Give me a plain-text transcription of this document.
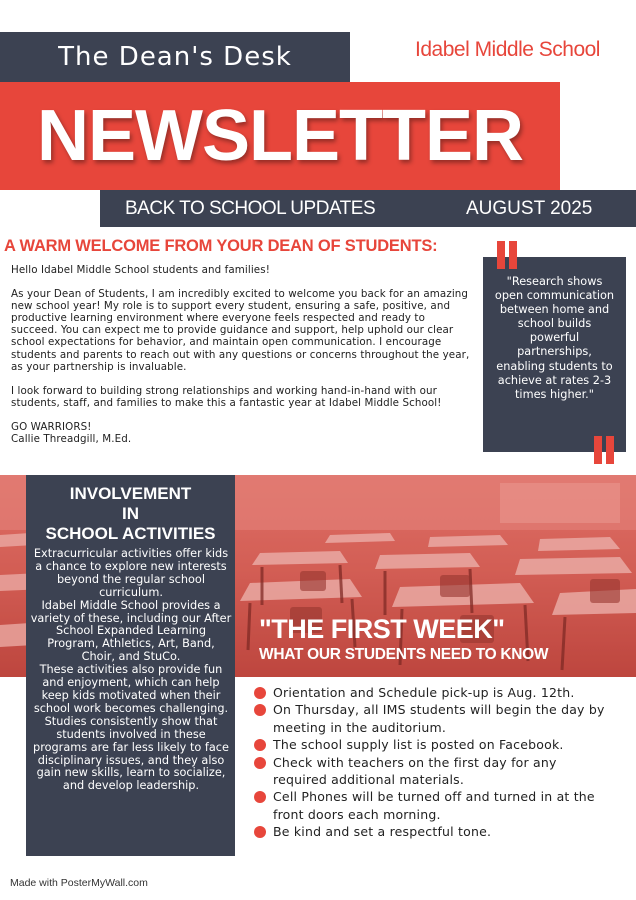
The Dean's Desk	Idabel Middle School
NEWSLETTER
BACK TO SCHOOL UPDATES	AUGUST 2025
A WARM WELCOME FROM YOUR DEAN OF STUDENTS:

Hello Idabel Middle School students and families!

As your Dean of Students, I am incredibly excited to welcome you back for an amazing new school year! My role is to support every student, ensuring a safe, positive, and productive learning environment where everyone feels respected and ready to succeed. You can expect me to provide guidance and support, help uphold our clear school expectations for behavior, and maintain open communication. I encourage students and parents to reach out with any questions or concerns throughout the year, as your partnership is invaluable.

I look forward to building strong relationships and working hand-in-hand with our students, staff, and families to make this a fantastic year at Idabel Middle School!

GO WARRIORS!

Callie Threadgill, M.Ed.

"Research shows open communication between home and school builds powerful partnerships, enabling students to achieve at rates 2-3 times higher."
INVOLVEMENT
IN
SCHOOL ACTIVITIES
Extracurricular activities offer kids a chance to explore new interests beyond the regular school curriculum.
Idabel Middle School provides a variety of these, including our After School Expanded Learning Program, Athletics, Art, Band, Choir, and StuCo.
These activities also provide fun and enjoyment, which can help keep kids motivated when their school work becomes challenging.
Studies consistently show that students involved in these programs are far less likely to face disciplinary issues, and they also gain new skills, learn to socialize, and develop leadership.
"THE FIRST WEEK"
WHAT OUR STUDENTS NEED TO KNOW
Orientation and Schedule pick-up is Aug. 12th.
On Thursday, all IMS students will begin the day by meeting in the auditorium.
The school supply list is posted on Facebook.
Check with teachers on the first day for any required additional materials.
Cell Phones will be turned off and turned in at the front doors each morning.
Be kind and set a respectful tone.
Made with PosterMyWall.com
